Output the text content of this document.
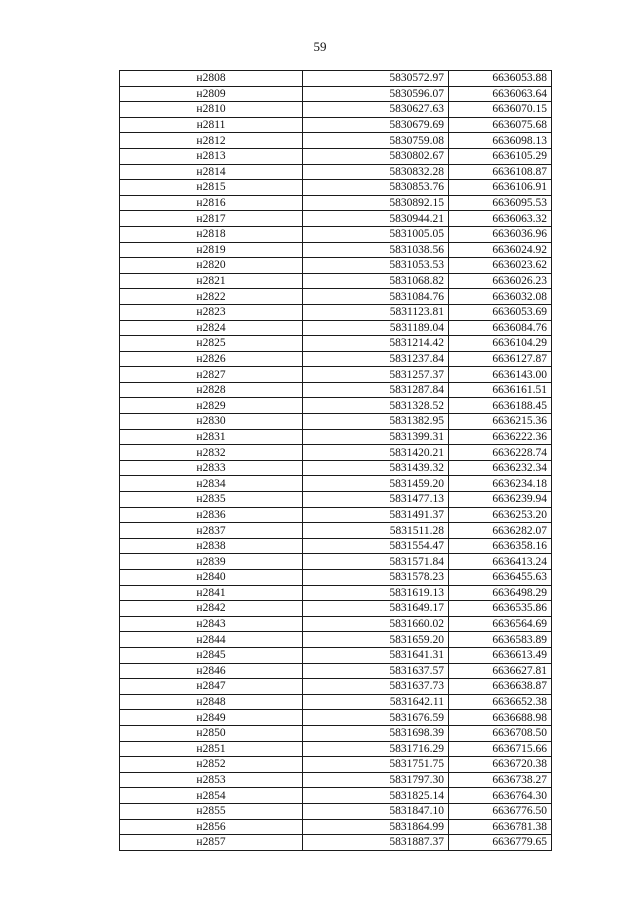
59
н2808	5830572.97	6636053.88
н2809	5830596.07	6636063.64
н2810	5830627.63	6636070.15
н2811	5830679.69	6636075.68
н2812	5830759.08	6636098.13
н2813	5830802.67	6636105.29
н2814	5830832.28	6636108.87
н2815	5830853.76	6636106.91
н2816	5830892.15	6636095.53
н2817	5830944.21	6636063.32
н2818	5831005.05	6636036.96
н2819	5831038.56	6636024.92
н2820	5831053.53	6636023.62
н2821	5831068.82	6636026.23
н2822	5831084.76	6636032.08
н2823	5831123.81	6636053.69
н2824	5831189.04	6636084.76
н2825	5831214.42	6636104.29
н2826	5831237.84	6636127.87
н2827	5831257.37	6636143.00
н2828	5831287.84	6636161.51
н2829	5831328.52	6636188.45
н2830	5831382.95	6636215.36
н2831	5831399.31	6636222.36
н2832	5831420.21	6636228.74
н2833	5831439.32	6636232.34
н2834	5831459.20	6636234.18
н2835	5831477.13	6636239.94
н2836	5831491.37	6636253.20
н2837	5831511.28	6636282.07
н2838	5831554.47	6636358.16
н2839	5831571.84	6636413.24
н2840	5831578.23	6636455.63
н2841	5831619.13	6636498.29
н2842	5831649.17	6636535.86
н2843	5831660.02	6636564.69
н2844	5831659.20	6636583.89
н2845	5831641.31	6636613.49
н2846	5831637.57	6636627.81
н2847	5831637.73	6636638.87
н2848	5831642.11	6636652.38
н2849	5831676.59	6636688.98
н2850	5831698.39	6636708.50
н2851	5831716.29	6636715.66
н2852	5831751.75	6636720.38
н2853	5831797.30	6636738.27
н2854	5831825.14	6636764.30
н2855	5831847.10	6636776.50
н2856	5831864.99	6636781.38
н2857	5831887.37	6636779.65
